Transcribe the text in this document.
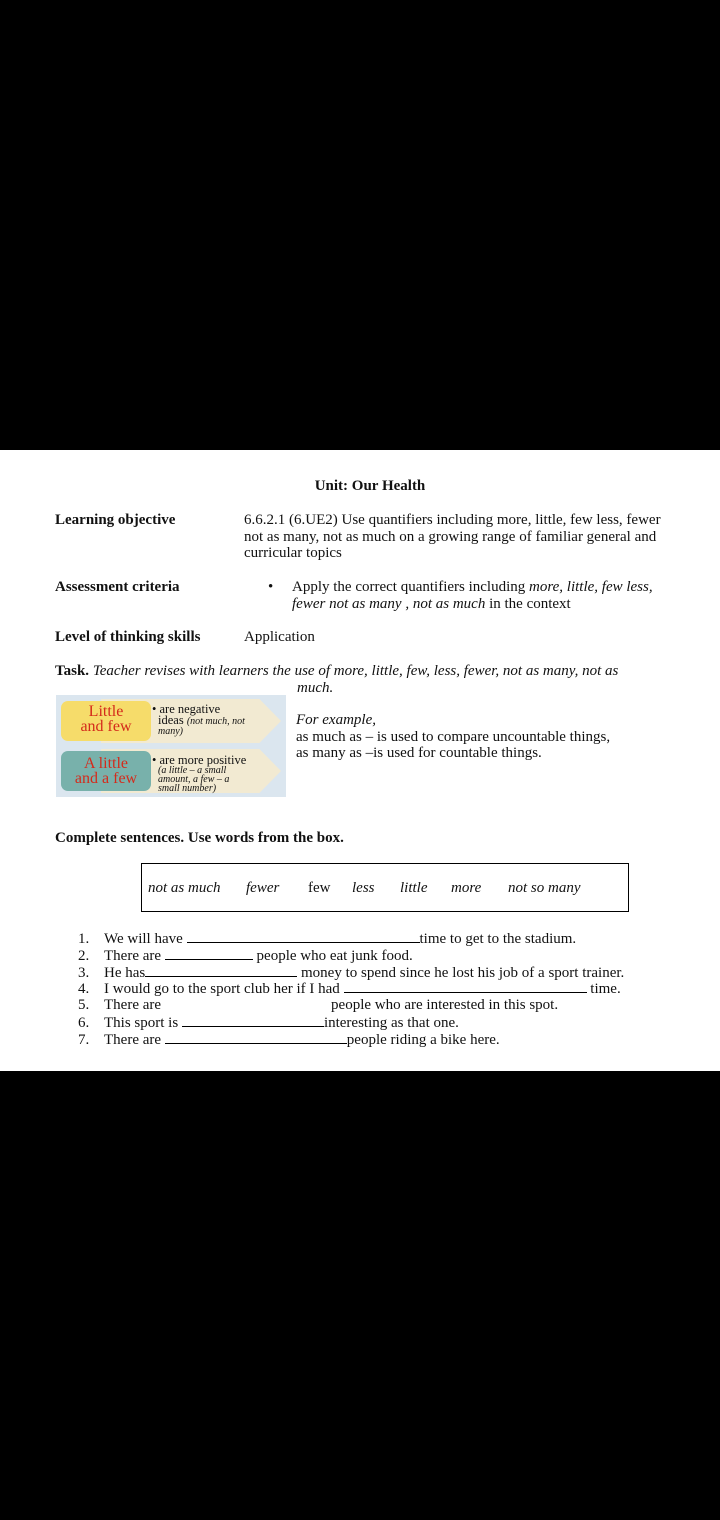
Unit: Our Health
Learning objective	6.6.2.1 (6.UE2) Use quantifiers including more, little, few less, fewer not as many, not as much on a growing range of familiar general and curricular topics
Assessment criteria	• Apply the correct quantifiers including more, little, few less, fewer not as many , not as much in the context
Level of thinking skills	Application
Task. Teacher revises with learners the use of more, little, few, less, fewer, not as many, not as
much.
Little
and few
• are negative
ideas (not much, not
many)
A little
and a few
• are more positive
(a little – a small
amount, a few – a
small number)
For example,
as much as – is used to compare uncountable things,
as many as –is used for countable things.
Complete sentences. Use words from the box.
not as much fewer few less little more not so many
1. We will have	time to get to the stadium.
2. There are	people who eat junk food.
3. He has	money to spend since he lost his job of a sport trainer.
4. I would go to the sport club her if I had	time.
5. There are	people who are interested in this spot.
6. This sport is	interesting as that one.
7. There are	people riding a bike here.
